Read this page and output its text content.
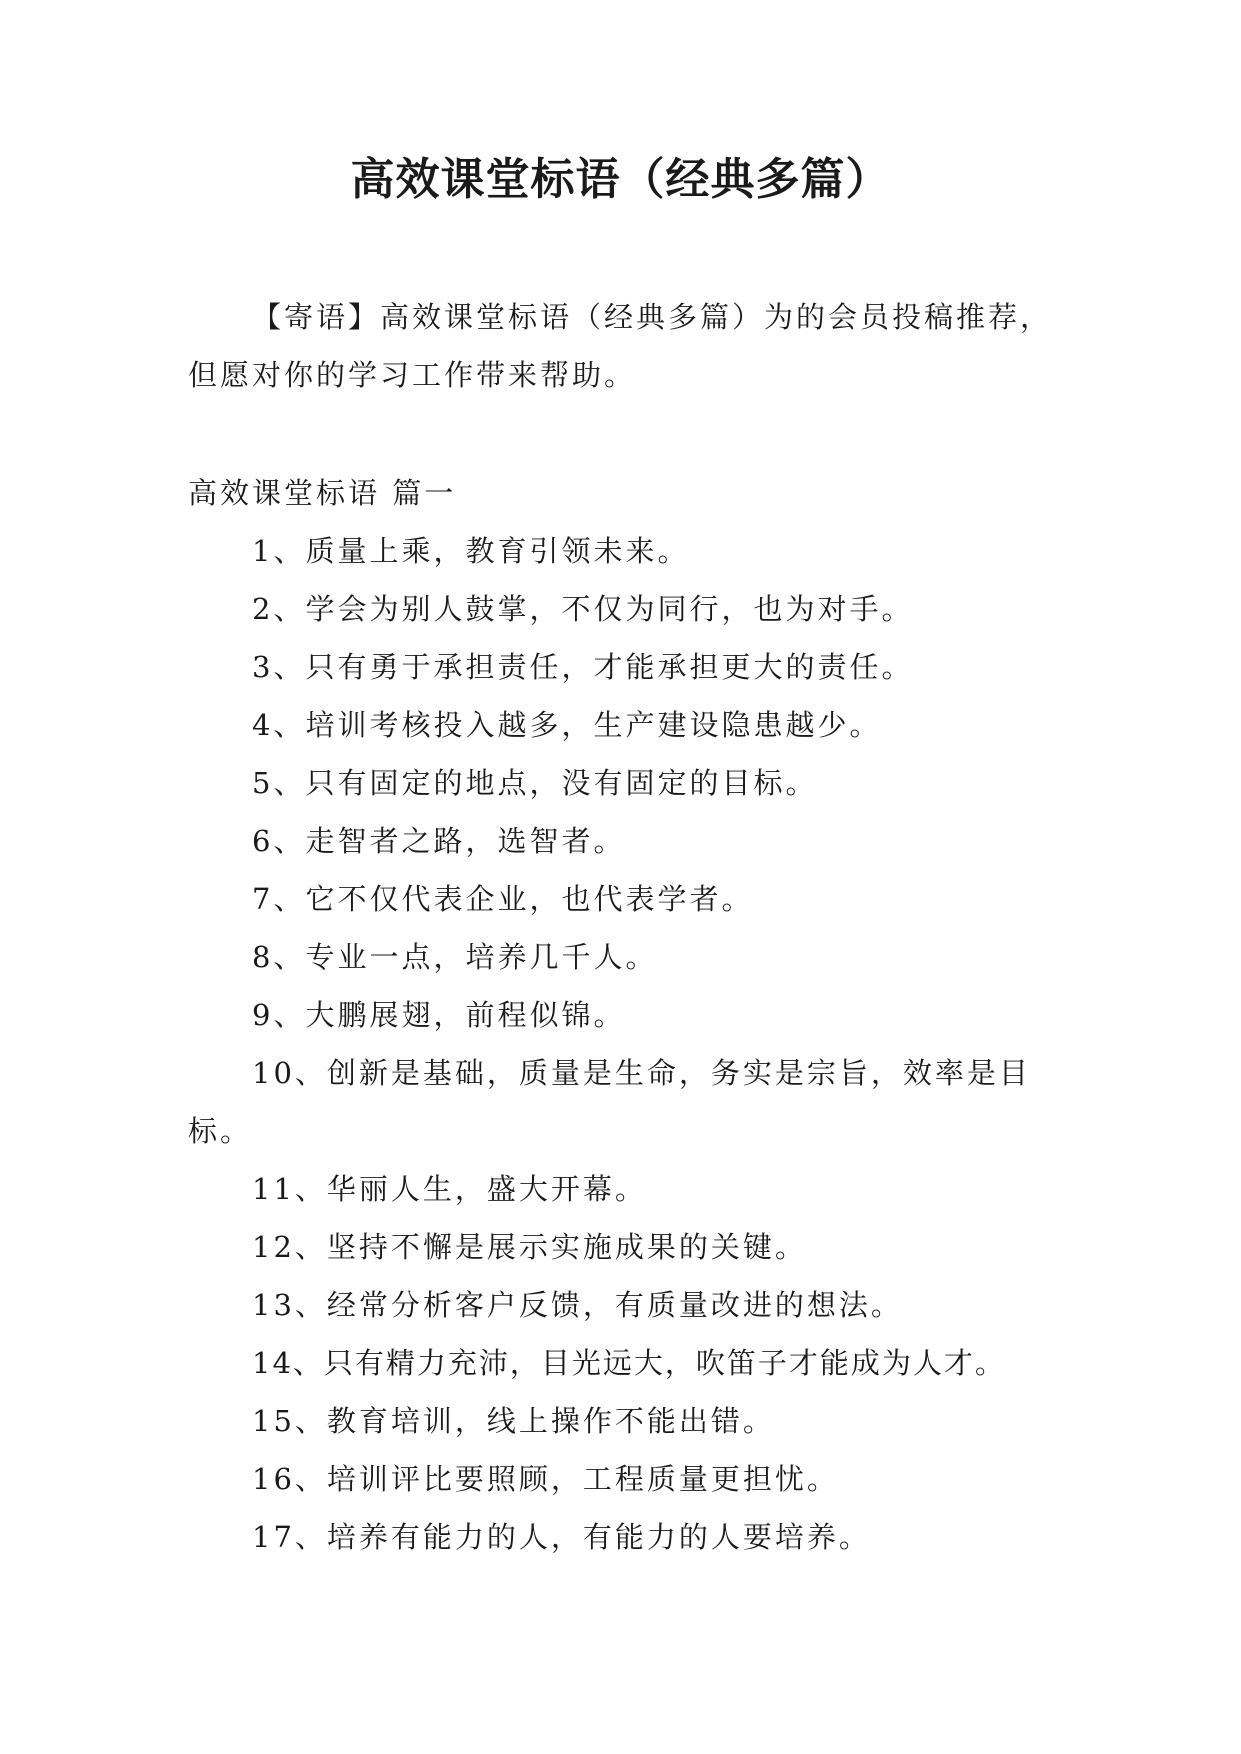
高效课堂标语（经典多篇）
【寄语】高效课堂标语（经典多篇）为的会员投稿推荐，但愿对你的学习工作带来帮助。
高效课堂标语 篇一
1、质量上乘，教育引领未来。
2、学会为别人鼓掌，不仅为同行，也为对手。
3、只有勇于承担责任，才能承担更大的责任。
4、培训考核投入越多，生产建设隐患越少。
5、只有固定的地点，没有固定的目标。
6、走智者之路，选智者。
7、它不仅代表企业，也代表学者。
8、专业一点，培养几千人。
9、大鹏展翅，前程似锦。
10、创新是基础，质量是生命，务实是宗旨，效率是目标。
11、华丽人生，盛大开幕。
12、坚持不懈是展示实施成果的关键。
13、经常分析客户反馈，有质量改进的想法。
14、只有精力充沛，目光远大，吹笛子才能成为人才。
15、教育培训，线上操作不能出错。
16、培训评比要照顾，工程质量更担忧。
17、培养有能力的人，有能力的人要培养。
